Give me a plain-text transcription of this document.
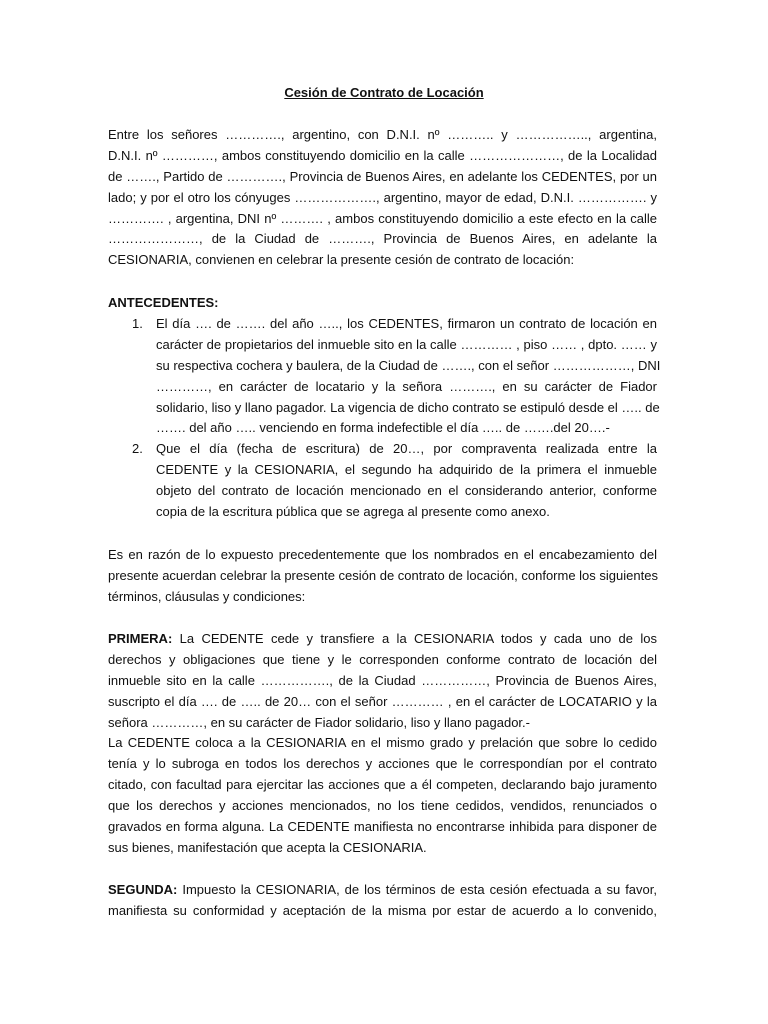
Cesión de Contrato de Locación
Entre los señores …………., argentino, con D.N.I. nº ……….. y …………….., argentina,
D.N.I. nº …………, ambos constituyendo domicilio en la calle …………………, de la Localidad
de ……., Partido de …………., Provincia de Buenos Aires, en adelante los CEDENTES, por un
lado; y por el otro los cónyuges ………………., argentino, mayor de edad, D.N.I. ……………. y
…………. , argentina, DNI nº ………. , ambos constituyendo domicilio a este efecto en la calle
…………………, de la Ciudad de ………., Provincia de Buenos Aires, en adelante la
CESIONARIA, convienen en celebrar la presente cesión de contrato de locación:
ANTECEDENTES:
1. El día …. de ……. del año ….., los CEDENTES, firmaron un contrato de locación en
carácter de propietarios del inmueble sito en la calle ………… , piso …… , dpto. …… y
su respectiva cochera y baulera, de la Ciudad de ……., con el señor ………………, DNI
…………, en carácter de locatario y la señora ………., en su carácter de Fiador
solidario, liso y llano pagador. La vigencia de dicho contrato se estipuló desde el ….. de
……. del año ….. venciendo en forma indefectible el día ….. de …….del 20….-
2. Que el día (fecha de escritura) de 20…, por compraventa realizada entre la
CEDENTE y la CESIONARIA, el segundo ha adquirido de la primera el inmueble
objeto del contrato de locación mencionado en el considerando anterior, conforme
copia de la escritura pública que se agrega al presente como anexo.
Es en razón de lo expuesto precedentemente que los nombrados en el encabezamiento del
presente acuerdan celebrar la presente cesión de contrato de locación, conforme los siguientes
términos, cláusulas y condiciones:
PRIMERA: La CEDENTE cede y transfiere a la CESIONARIA todos y cada uno de los
derechos y obligaciones que tiene y le corresponden conforme contrato de locación del
inmueble sito en la calle ……………., de la Ciudad ……………, Provincia de Buenos Aires,
suscripto el día …. de ….. de 20… con el señor ………… , en el carácter de LOCATARIO y la
señora …………, en su carácter de Fiador solidario, liso y llano pagador.-
La CEDENTE coloca a la CESIONARIA en el mismo grado y prelación que sobre lo cedido
tenía y lo subroga en todos los derechos y acciones que le correspondían por el contrato
citado, con facultad para ejercitar las acciones que a él competen, declarando bajo juramento
que los derechos y acciones mencionados, no los tiene cedidos, vendidos, renunciados o
gravados en forma alguna. La CEDENTE manifiesta no encontrarse inhibida para disponer de
sus bienes, manifestación que acepta la CESIONARIA.
SEGUNDA: Impuesto la CESIONARIA, de los términos de esta cesión efectuada a su favor,
manifiesta su conformidad y aceptación de la misma por estar de acuerdo a lo convenido,
